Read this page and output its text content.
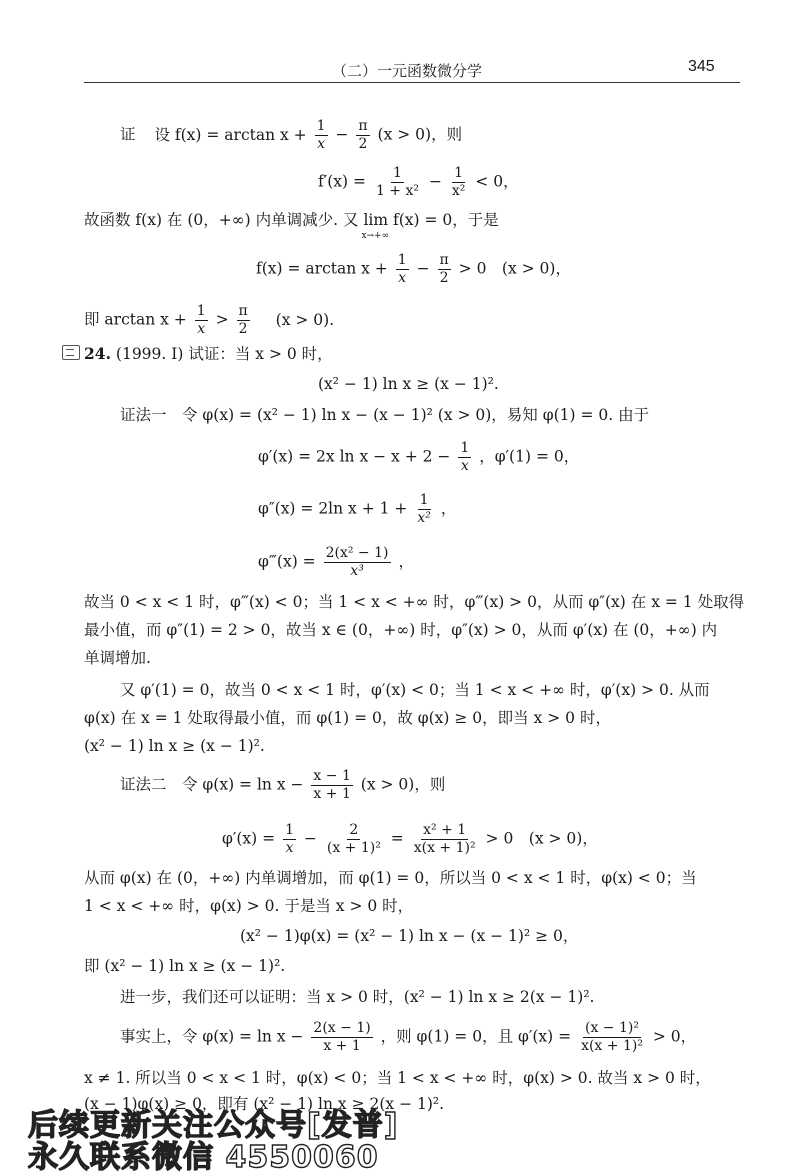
（二）一元函数微分学	345
证 设 $f(x) = \arctan x + \frac{1}{x} - \frac{\pi}{2} (x > 0)$，则
$f'(x) = \frac{1}{\text{1 + x²}} - \frac{1}{\text{x²}} < 0$，
故函数 f(x) 在 (0，+∞) 内单调减少. 又 lim
x→+∞
f(x) = 0，于是
$f(x) = \arctan x + \frac{1}{x} - \frac{\pi}{2} > 0$　(x > 0)，
即 $\arctan x + \frac{1}{x} > \frac{\pi}{2} (x > 0)$.
24. (1999. Ⅰ) 试证：当 x > 0 时，
(x² − 1) ln x ≥ (x − 1)².
证法一　令 φ(x) = (x² − 1) ln x − (x − 1)² (x > 0)，易知 φ(1) = 0. 由于
φ′(x) = 2x $\ln x - x + 2 - \frac{1}{x}$ ，φ′(1) = 0，
φ″(x) = 2ln $x + 1 + \frac{1}{\text{x²}}$ ，
φ‴(x) = $\frac{\text{2(x² − 1)}}{\text{x³}}$ ，
故当 0 < x < 1 时，φ‴(x) < 0；当 1 < x < +∞ 时，φ‴(x) > 0，从而 φ″(x) 在 x = 1 处取得
最小值，而 φ″(1) = 2 > 0，故当 x ∈ (0，+∞) 时，φ″(x) > 0，从而 φ′(x) 在 (0，+∞) 内
单调增加.
又 φ′(1) = 0，故当 0 < x < 1 时，φ′(x) < 0；当 1 < x < +∞ 时，φ′(x) > 0. 从而
φ(x) 在 x = 1 处取得最小值，而 φ(1) = 0，故 φ(x) ≥ 0，即当 x > 0 时，
(x² − 1) ln x ≥ (x − 1)².
证法二　令 $\varphi(x) = \ln x - \frac{x - 1}{x + 1} (x > 0)$，则
$\varphi'(x) = \frac{1}{x} - \frac{2}{\text{(x + 1)²}} = \frac{\text{x² + 1}}{\text{x(x + 1)²}} > 0$　(x > 0)，
从而 φ(x) 在 (0，+∞) 内单调增加，而 φ(1) = 0，所以当 0 < x < 1 时，φ(x) < 0；当
1 < x < +∞ 时，φ(x) > 0. 于是当 x > 0 时，
(x² − 1)φ(x) = (x² − 1) ln x − (x − 1)² ≥ 0，
即 (x² − 1) ln x ≥ (x − 1)².
进一步，我们还可以证明：当 x > 0 时，(x² − 1) ln x ≥ 2(x − 1)².
事实上，令 $\varphi(x) = \ln x - \frac{2(x - 1)}{x + 1}$ ，则 φ(1) = 0，且 $\varphi'(x) = \frac{\text{(x − 1)²}}{\text{x(x + 1)²}} > 0$，
x ≠ 1. 所以当 0 < x < 1 时，φ(x) < 0；当 1 < x < +∞ 时，φ(x) > 0. 故当 x > 0 时，
(x − 1)φ(x) ≥ 0，即有 (x² − 1) ln x ≥ 2(x − 1)².
后续更新关注公众号[发普]
永久联系微信 4550060
